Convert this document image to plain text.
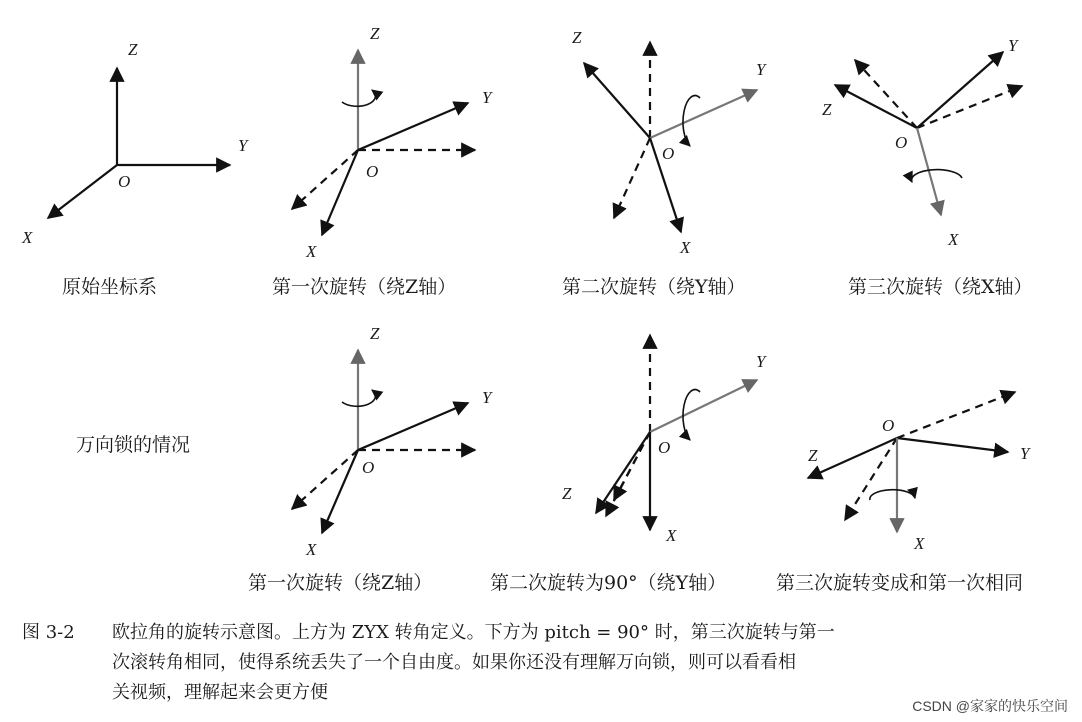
Z
Y
X
O
Z
Y
X
O
Z
Y
X
O
Z
Y
X
O
Z
Y
X
O
Y
Z
X
O	Z	Y
X
O
原始坐标系	第一次旋转（绕Z轴）	第二次旋转（绕Y轴）	第三次旋转（绕X轴）
万向锁的情况
第一次旋转（绕Z轴）	第二次旋转为90°（绕Y轴）	第三次旋转变成和第一次相同
图 3-2 欧拉角的旋转示意图。上方为 ZYX 转角定义。下方为 pitch = 90° 时，第三次旋转与第一
次滚转角相同，使得系统丢失了一个自由度。如果你还没有理解万向锁，则可以看看相
关视频，理解起来会更方便
CSDN @家家的快乐空间
